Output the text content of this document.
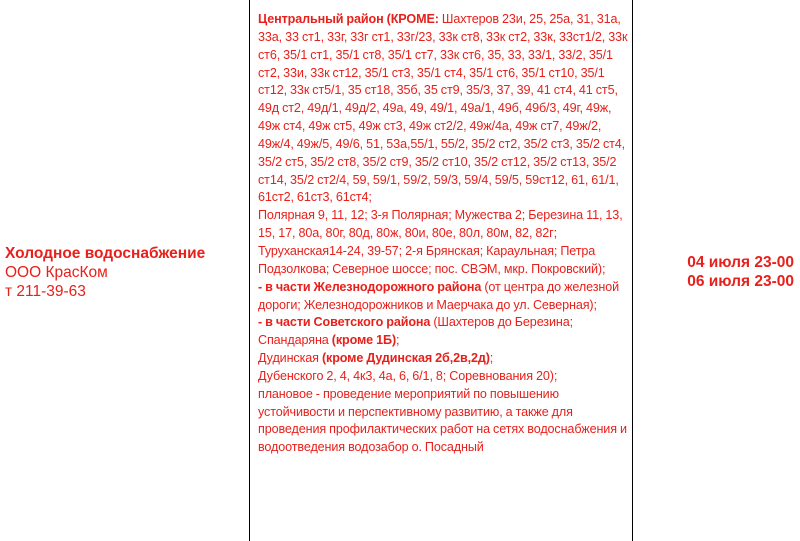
Холодное водоснабжение
ООО КрасКом
т 211-39-63
Центральный район (КРОМЕ: Шахтеров 23и, 25, 25а, 31, 31а, 33а, 33 ст1, 33г, 33г ст1, 33г/23, 33к ст8, 33к ст2, 33к, 33ст1/2, 33к ст6, 35/1 ст1, 35/1 ст8, 35/1 ст7, 33к ст6, 35, 33, 33/1, 33/2, 35/1 ст2, 33и, 33к ст12, 35/1 ст3, 35/1 ст4, 35/1 ст6, 35/1 ст10, 35/1 ст12, 33к ст5/1, 35 ст18, 35б, 35 ст9, 35/3, 37, 39, 41 ст4, 41 ст5, 49д ст2, 49д/1, 49д/2, 49а, 49, 49/1, 49а/1, 49б, 49б/3, 49г, 49ж, 49ж ст4, 49ж ст5, 49ж ст3, 49ж ст2/2, 49ж/4а, 49ж ст7, 49ж/2, 49ж/4, 49ж/5, 49/6, 51, 53а,55/1, 55/2, 35/2 ст2, 35/2 ст3, 35/2 ст4, 35/2 ст5, 35/2 ст8, 35/2 ст9, 35/2 ст10, 35/2 ст12, 35/2 ст13, 35/2 ст14, 35/2 ст2/4, 59, 59/1, 59/2, 59/3, 59/4, 59/5, 59ст12, 61, 61/1, 61ст2, 61ст3, 61ст4;
Полярная 9, 11, 12; 3-я Полярная; Мужества 2; Березина 11, 13, 15, 17, 80а, 80г, 80д, 80ж, 80и, 80е, 80л, 80м, 82, 82г; Туруханская14-24, 39-57; 2-я Брянская; Караульная; Петра Подзолкова; Северное шоссе; пос. СВЭМ, мкр. Покровский);
- в части Железнодорожного района (от центра до железной дороги; Железнодорожников и Маерчака до ул. Северная);
- в части Советского района (Шахтеров до Березина; Спандаряна (кроме 1Б);
Дудинская (кроме Дудинская 2б,2в,2д);
Дубенского 2, 4, 4к3, 4а, 6, 6/1, 8; Соревнования 20);
плановое - проведение мероприятий по повышению устойчивости и перспективному развитию, а также для проведения профилактических работ на сетях водоснабжения и водоотведения водозабор о. Посадный
04 июля 23-00
06 июля 23-00
